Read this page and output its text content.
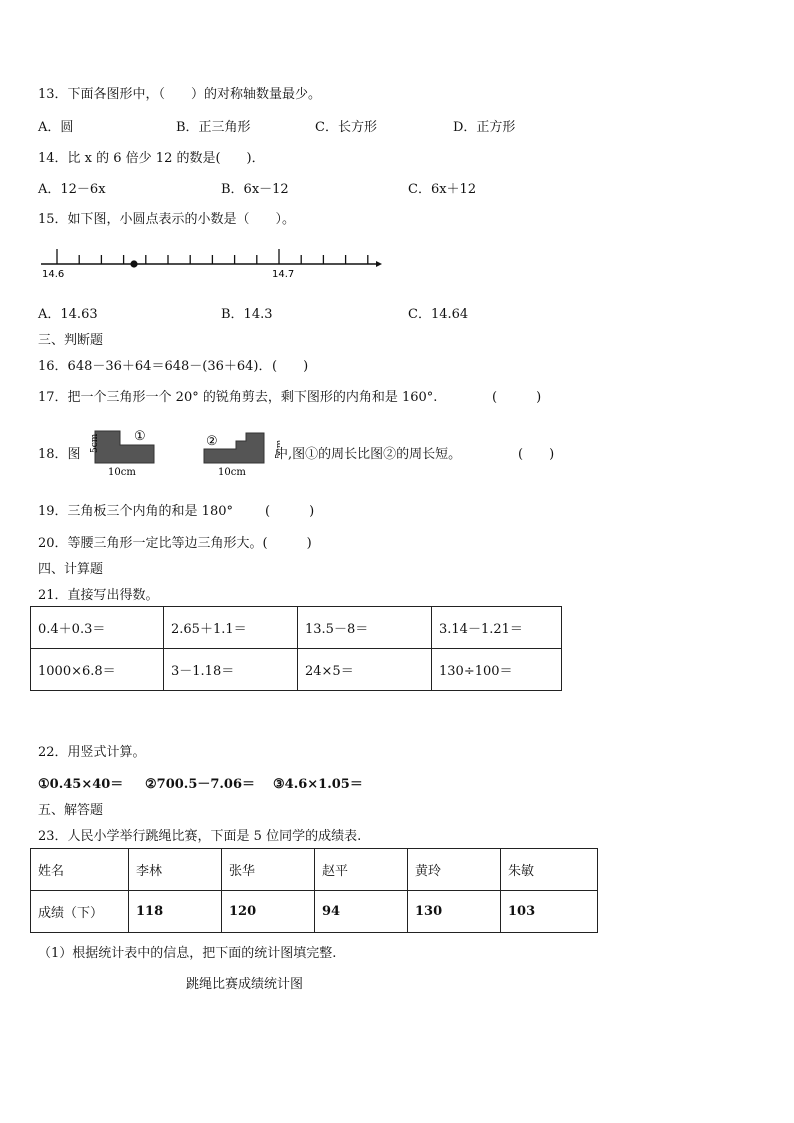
13．下面各图形中，（　　）的对称轴数量最少。
A．圆	B．正三角形	C．长方形	D．正方形
14．比 x 的 6 倍少 12 的数是(　　)．
A．12－6x	B．6x－12	C．6x＋12
15．如下图，小圆点表示的小数是（　　）。
14.6	14.7
A．14.63	B．14.3	C．14.64
三、判断题
16．648－36＋64＝648－(36＋64)． (　　)
17．把一个三角形一个 20° 的锐角剪去，剩下图形的内角和是 160°.	(　　　)
18．图
5cm	①
10cm
②	5cm
10cm
中,图①的周长比图②的周长短。	(　　)
19．三角板三个内角的和是 180° (　　　)
20．等腰三角形一定比等边三角形大。(　　　)
四、计算题
21．直接写出得数。
0.4＋0.3＝	2.65＋1.1＝	13.5－8＝	3.14－1.21＝
1000×6.8＝	3－1.18＝	24×5＝	130÷100＝
22．用竖式计算。
①0.45×40＝ ②700.5－7.06＝ ③4.6×1.05＝
五、解答题
23．人民小学举行跳绳比赛，下面是 5 位同学的成绩表.
姓名	李林	张华	赵平	黄玲	朱敏
成绩（下）	118	120	94	130	103
（1）根据统计表中的信息，把下面的统计图填完整.
跳绳比赛成绩统计图
